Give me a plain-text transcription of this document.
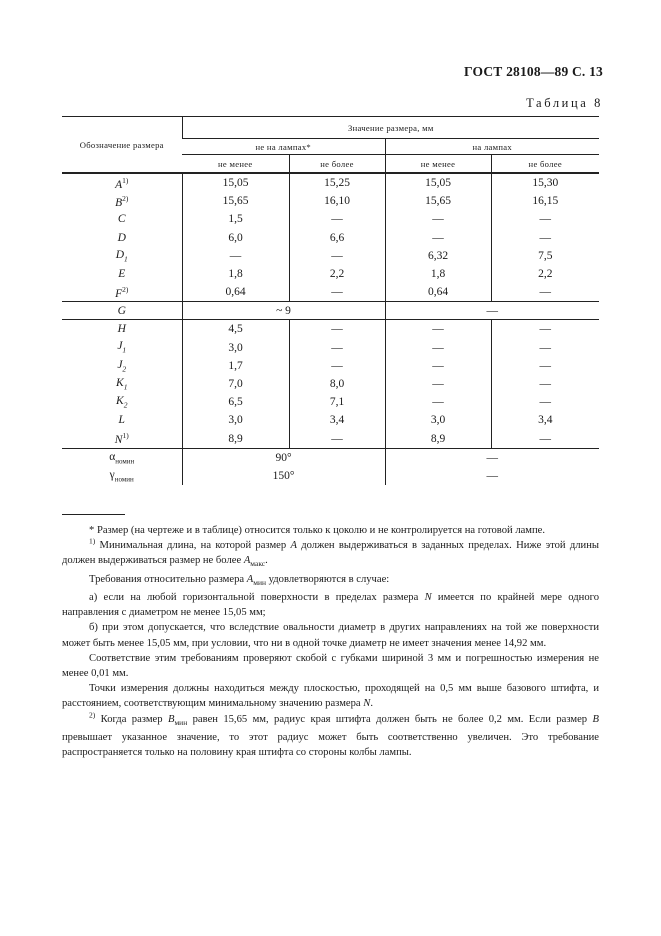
ГОСТ 28108—89 С. 13
Таблица 8
Обозначение размера	Значение размера, мм			
	не на лампах*		на лампах	
	не менее	не более	не менее	не более
A$^{1)}$	15,05	15,25	15,05	15,30
B$^{2)}$	15,65	16,10	15,65	16,15
C	1,5	—	—	—
D	6,0	6,6	—	—
$D_1$	—	—	6,32	7,5
E	1,8	2,2	1,8	2,2
F$^{2)}$	0,64	—	0,64	—
G	~ 9		—	
H	4,5	—	—	—
$J_1$	3,0	—	—	—
$J_2$	1,7	—	—	—
$K_1$	7,0	8,0	—	—
$K_2$	6,5	7,1	—	—
L	3,0	3,4	3,0	3,4
N$^{1)}$	8,9	—	8,9	—
$\alpha_{номин}$	90°		—	
$\gamma_{номин}$	150°		—	

* Размер (на чертеже и в таблице) относится только к цоколю и не контролируется на готовой лампе.

$^{1)}$ Минимальная длина, на которой размер A должен выдерживаться в заданных пределах. Ниже этой длины должен выдерживаться размер не более $A_{макс}$.

Требования относительно размера $A_{мин}$ удовлетворяются в случае:

а) если на любой горизонтальной поверхности в пределах размера N имеется по крайней мере одного направления с диаметром не менее 15,05 мм;

б) при этом допускается, что вследствие овальности диаметр в других направлениях на той же поверхности может быть менее 15,05 мм, при условии, что ни в одной точке диаметр не имеет значения менее 14,92 мм.

Соответствие этим требованиям проверяют скобой с губками шириной 3 мм и погрешностью измерения не менее 0,01 мм.

Точки измерения должны находиться между плоскостью, проходящей на 0,5 мм выше базового штифта, и расстоянием, соответствующим минимальному значению размера N.

$^{2)}$ Когда размер $B_{мин}$ равен 15,65 мм, радиус края штифта должен быть не более 0,2 мм. Если размер B превышает указанное значение, то этот радиус может быть соответственно увеличен. Это требование распространяется только на половину края штифта со стороны колбы лампы.
